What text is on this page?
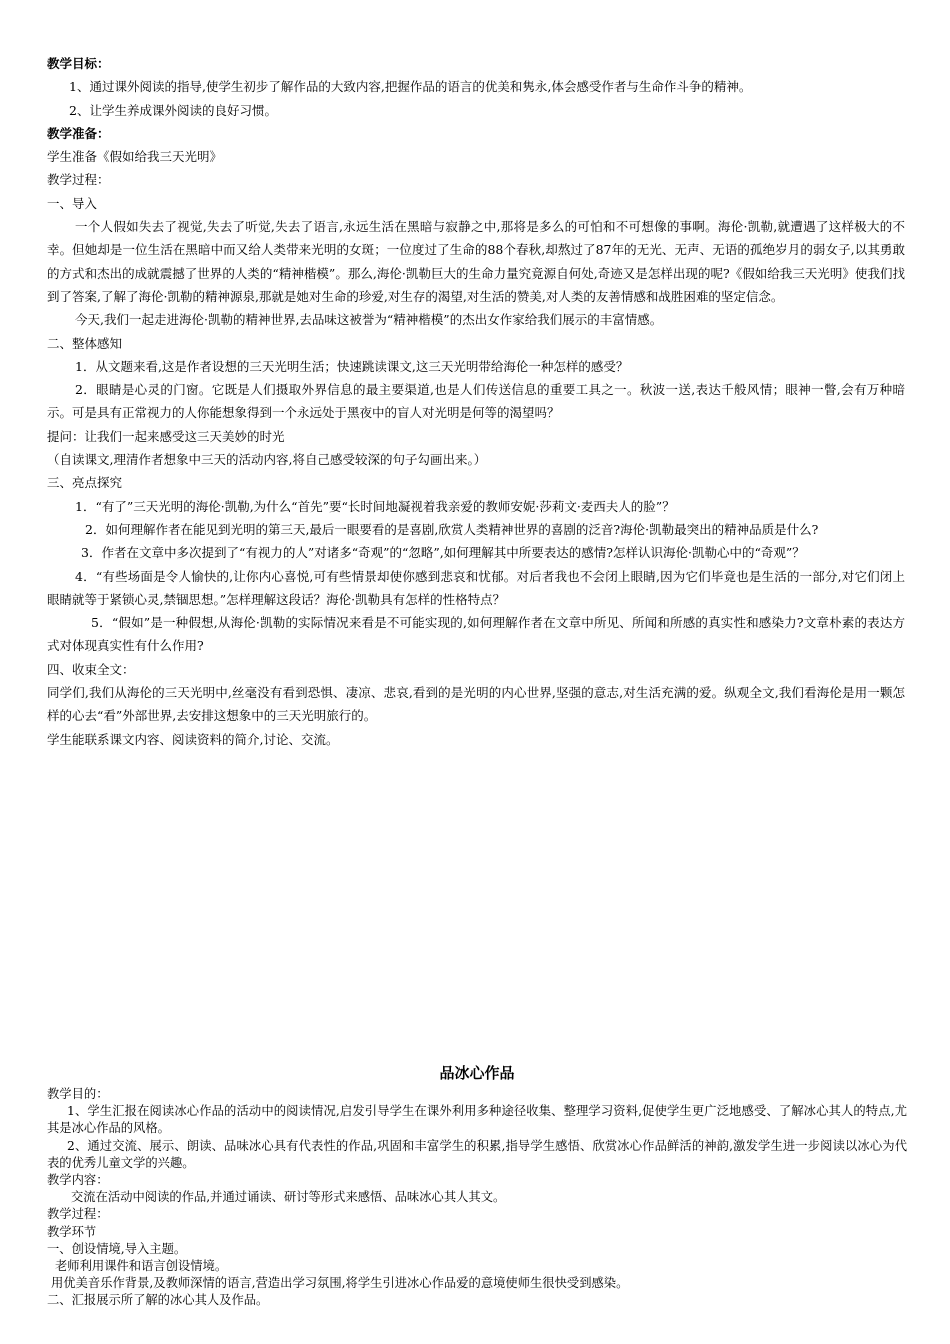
教学目标：

1、通过课外阅读的指导,使学生初步了解作品的大致内容,把握作品的语言的优美和隽永,体会感受作者与生命作斗争的精神。

2、让学生养成课外阅读的良好习惯。

教学准备：

学生准备《假如给我三天光明》

教学过程：

一、导入

一个人假如失去了视觉,失去了听觉,失去了语言,永远生活在黑暗与寂静之中,那将是多么的可怕和不可想像的事啊。海伦·凯勒,就遭遇了这样极大的不幸。但她却是一位生活在黑暗中而又给人类带来光明的女斑；一位度过了生命的88个春秋,却熬过了87年的无光、无声、无语的孤绝岁月的弱女子,以其勇敢的方式和杰出的成就震撼了世界的人类的“精神楷模”。那么,海伦·凯勒巨大的生命力量究竟源自何处,奇迹又是怎样出现的呢?《假如给我三天光明》使我们找到了答案,了解了海伦·凯勒的精神源泉,那就是她对生命的珍爱,对生存的渴望,对生活的赞美,对人类的友善情感和战胜困难的坚定信念。

今天,我们一起走进海伦·凯勒的精神世界,去品味这被誉为“精神楷模”的杰出女作家给我们展示的丰富情感。

二、整体感知

1．从文题来看,这是作者设想的三天光明生活；快速跳读课文,这三天光明带给海伦一种怎样的感受？

2．眼睛是心灵的门窗。它既是人们摄取外界信息的最主要渠道,也是人们传送信息的重要工具之一。秋波一送,表达千般风情；眼神一瞥,会有万种暗示。可是具有正常视力的人你能想象得到一个永远处于黑夜中的盲人对光明是何等的渴望吗？

提问：让我们一起来感受这三天美妙的时光

（自读课文,理清作者想象中三天的活动内容,将自己感受较深的句子勾画出来。）

三、亮点探究

1．“有了”三天光明的海伦·凯勒,为什么“首先”要“长时间地凝视着我亲爱的教师安妮·莎莉文·麦西夫人的脸”？

2．如何理解作者在能见到光明的第三天,最后一眼要看的是喜剧,欣赏人类精神世界的喜剧的泛音?海伦·凯勒最突出的精神品质是什么?

3．作者在文章中多次提到了“有视力的人”对诸多“奇观”的“忽略”,如何理解其中所要表达的感情?怎样认识海伦·凯勒心中的“奇观”？

4．“有些场面是令人愉快的,让你内心喜悦,可有些情景却使你感到悲哀和忧郁。对后者我也不会闭上眼睛,因为它们毕竟也是生活的一部分,对它们闭上眼睛就等于紧锁心灵,禁锢思想。”怎样理解这段话？海伦·凯勒具有怎样的性格特点？

5．“假如”是一种假想,从海伦·凯勒的实际情况来看是不可能实现的,如何理解作者在文章中所见、所闻和所感的真实性和感染力?文章朴素的表达方式对体现真实性有什么作用?

四、收束全文：

同学们,我们从海伦的三天光明中,丝毫没有看到恐惧、凄凉、悲哀,看到的是光明的内心世界,坚强的意志,对生活充满的爱。纵观全文,我们看海伦是用一颗怎样的心去“看”外部世界,去安排这想象中的三天光明旅行的。

学生能联系课文内容、阅读资料的简介,讨论、交流。

品冰心作品

教学目的：

1、学生汇报在阅读冰心作品的活动中的阅读情况,启发引导学生在课外利用多种途径收集、整理学习资料,促使学生更广泛地感受、了解冰心其人的特点,尤其是冰心作品的风格。

2、通过交流、展示、朗读、品味冰心具有代表性的作品,巩固和丰富学生的积累,指导学生感悟、欣赏冰心作品鲜活的神韵,激发学生进一步阅读以冰心为代表的优秀儿童文学的兴趣。

教学内容：

交流在活动中阅读的作品,并通过诵读、研讨等形式来感悟、品味冰心其人其文。

教学过程：

教学环节

一、创设情境,导入主题。

老师利用课件和语言创设情境。

用优美音乐作背景,及教师深情的语言,营造出学习氛围,将学生引进冰心作品爱的意境使师生很快受到感染。

二、汇报展示所了解的冰心其人及作品。
